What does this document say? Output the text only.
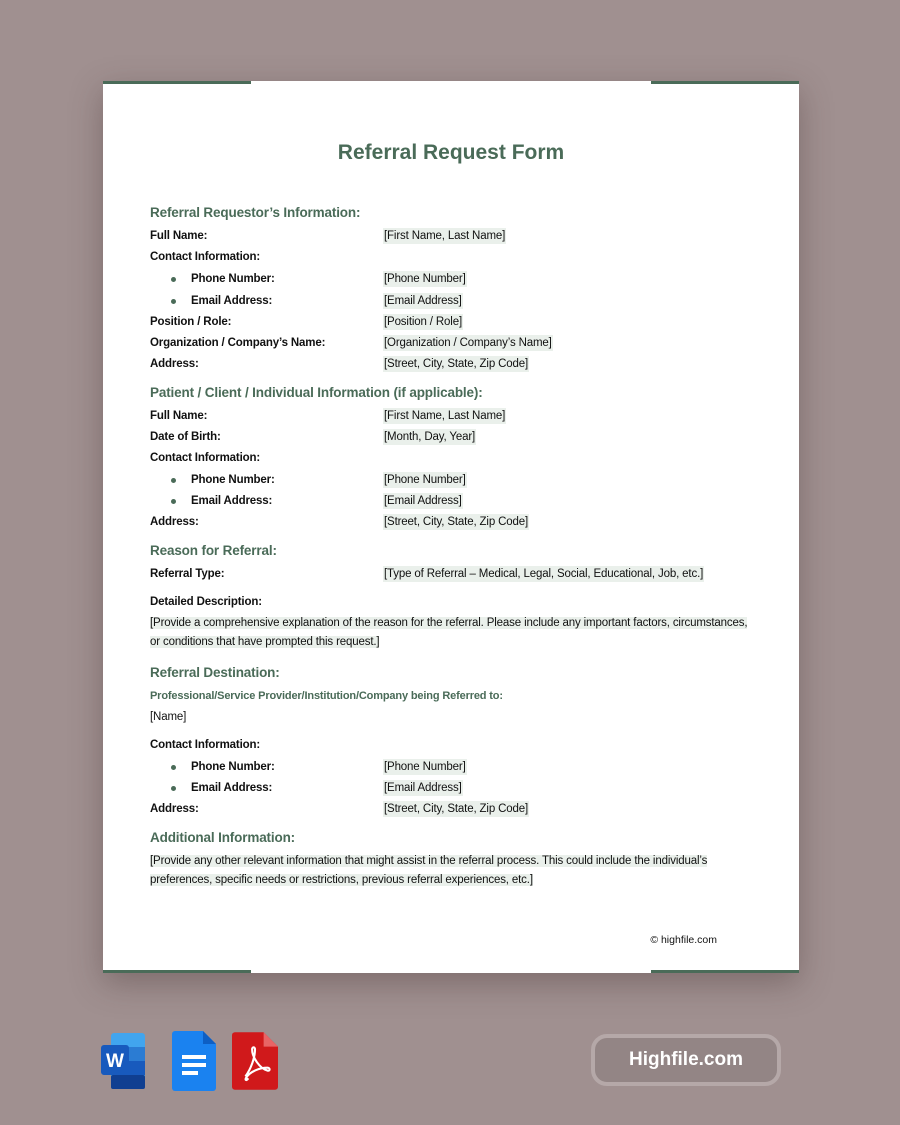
Referral Request Form
Referral Requestor’s Information:
Full Name:	[First Name, Last Name]
Contact Information:
Phone Number:	[Phone Number]
Email Address:	[Email Address]
Position / Role:	[Position / Role]
Organization / Company’s Name:	[Organization / Company’s Name]
Address:	[Street, City, State, Zip Code]
Patient / Client / Individual Information (if applicable):
Full Name:	[First Name, Last Name]
Date of Birth:	[Month, Day, Year]
Contact Information:
Phone Number:	[Phone Number]
Email Address:	[Email Address]
Address:	[Street, City, State, Zip Code]
Reason for Referral:
Referral Type:	[Type of Referral – Medical, Legal, Social, Educational, Job, etc.]
Detailed Description:
[Provide a comprehensive explanation of the reason for the referral. Please include any important factors, circumstances, or conditions that have prompted this request.]
Referral Destination:
Professional/Service Provider/Institution/Company being Referred to:
[Name]
Contact Information:
Phone Number:	[Phone Number]
Email Address:	[Email Address]
Address:	[Street, City, State, Zip Code]
Additional Information:
[Provide any other relevant information that might assist in the referral process. This could include the individual’s preferences, specific needs or restrictions, previous referral experiences, etc.]
© highfile.com
W	Highfile.com
